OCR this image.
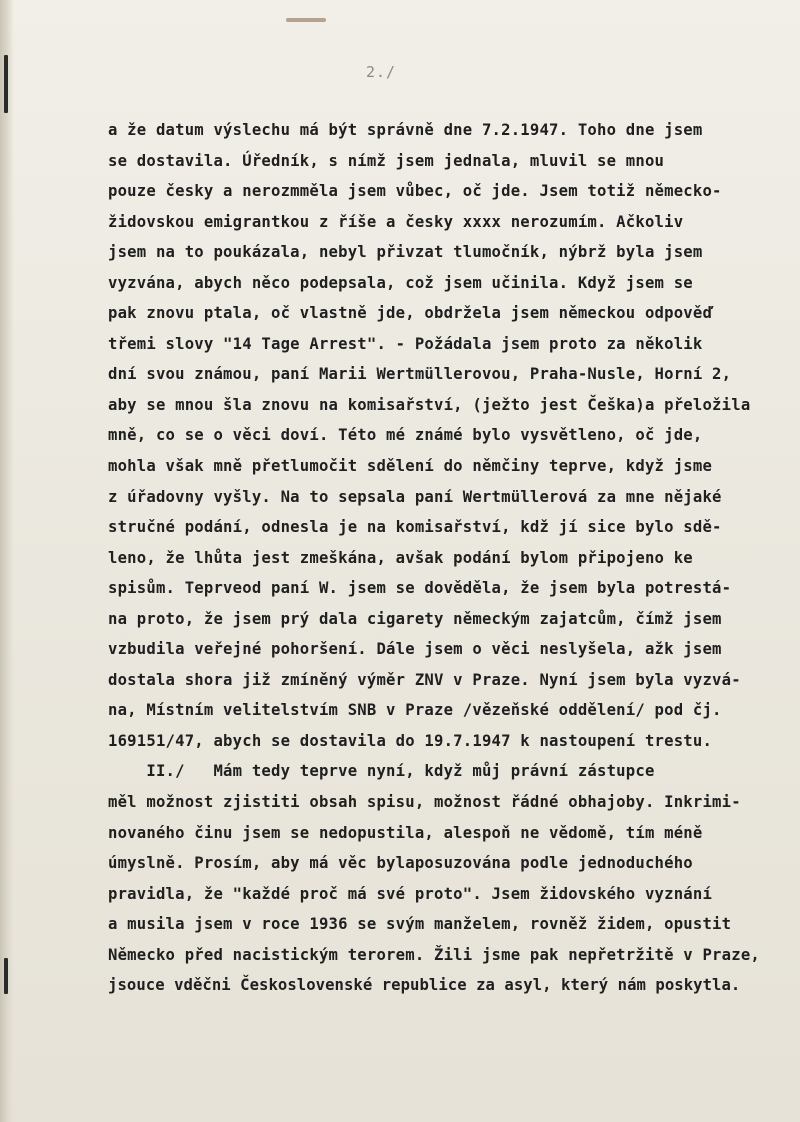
2./
a že datum výslechu má být správně dne 7.2.1947. Toho dne jsem
se dostavila. Úředník, s nímž jsem jednala, mluvil se mnou
pouze česky a nerozmměla jsem vůbec, oč jde. Jsem totiž německo-
židovskou emigrantkou z říše a česky xxxx nerozumím. Ačkoliv
jsem na to poukázala, nebyl přivzat tlumočník, nýbrž byla jsem
vyzvána, abych něco podepsala, což jsem učinila. Když jsem se
pak znovu ptala, oč vlastně jde, obdržela jsem německou odpověď
třemi slovy "14 Tage Arrest". - Požádala jsem proto za několik
dní svou známou, paní Marii Wertmüllerovou, Praha-Nusle, Horní 2,
aby se mnou šla znovu na komisařství, (ježto jest Češka)a přeložila
mně, co se o věci doví. Této mé známé bylo vysvětleno, oč jde,
mohla však mně přetlumočit sdělení do němčiny teprve, když jsme
z úřadovny vyšly. Na to sepsala paní Wertmüllerová za mne nějaké
stručné podání, odnesla je na komisařství, kdž jí sice bylo sdě-
leno, že lhůta jest zmeškána, avšak podání bylom připojeno ke
spisům. Teprveod paní W. jsem se dověděla, že jsem byla potrestá-
na proto, že jsem prý dala cigarety německým zajatcům, čímž jsem
vzbudila veřejné pohoršení. Dále jsem o věci neslyšela, ažk jsem
dostala shora již zmíněný výměr ZNV v Praze. Nyní jsem byla vyzvá-
na, Místním velitelstvím SNB v Praze /vězeňské oddělení/ pod čj.
169151/47, abych se dostavila do 19.7.1947 k nastoupení trestu.
II./   Mám tedy teprve nyní, když můj právní zástupce
měl možnost zjistiti obsah spisu, možnost řádné obhajoby. Inkrimi-
novaného činu jsem se nedopustila, alespoň ne vědomě, tím méně
úmyslně. Prosím, aby má věc bylaposuzována podle jednoduchého
pravidla, že "každé proč má své proto". Jsem židovského vyznání
a musila jsem v roce 1936 se svým manželem, rovněž židem, opustit
Německo před nacistickým terorem. Žili jsme pak nepřetržitě v Praze,
jsouce vděčni Československé republice za asyl, který nám poskytla.
